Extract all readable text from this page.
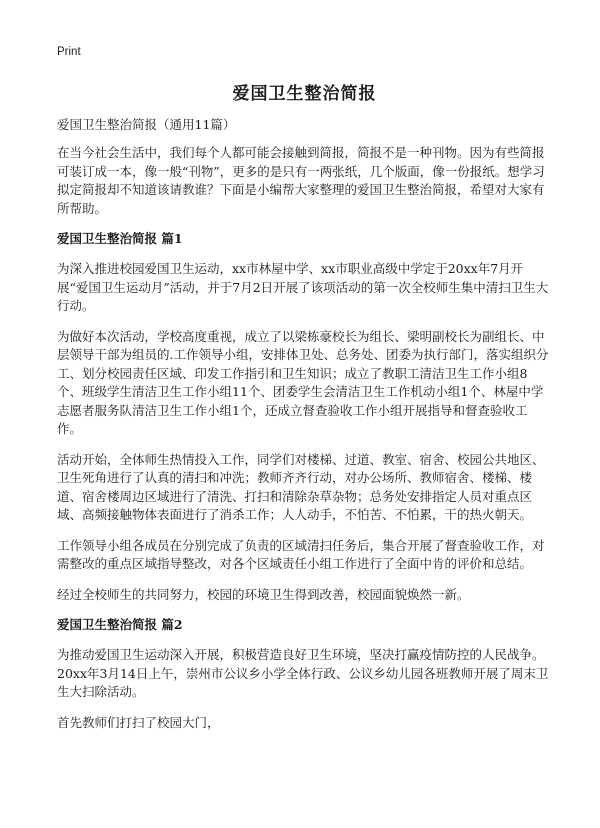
Print
爱国卫生整治简报
爱国卫生整治简报（通用11篇）

在当今社会生活中，我们每个人都可能会接触到简报，简报不是一种刊物。因为有些简报可装订成一本，像一般“刊物”，更多的是只有一两张纸，几个版面，像一份报纸。想学习拟定简报却不知道该请教谁？下面是小编帮大家整理的爱国卫生整治简报，希望对大家有所帮助。

爱国卫生整治简报 篇1

为深入推进校园爱国卫生运动，xx市林屋中学、xx市职业高级中学定于20xx年7月开展“爱国卫生运动月”活动，并于7月2日开展了该项活动的第一次全校师生集中清扫卫生大行动。

为做好本次活动，学校高度重视，成立了以梁栋豪校长为组长、梁明副校长为副组长、中层领导干部为组员的.工作领导小组，安排体卫处、总务处、团委为执行部门，落实组织分工、划分校园责任区域、印发工作指引和卫生知识；成立了教职工清洁卫生工作小组8个、班级学生清洁卫生工作小组11个、团委学生会清洁卫生工作机动小组1个、林屋中学志愿者服务队清洁卫生工作小组1个，还成立督查验收工作小组开展指导和督查验收工作。

活动开始，全体师生热情投入工作，同学们对楼梯、过道、教室、宿舍、校园公共地区、卫生死角进行了认真的清扫和冲洗；教师齐齐行动，对办公场所、教师宿舍、楼梯、楼道、宿舍楼周边区域进行了清洗、打扫和清除杂草杂物；总务处安排指定人员对重点区域、高频接触物体表面进行了消杀工作；人人动手，不怕苦、不怕累，干的热火朝天。

工作领导小组各成员在分别完成了负责的区域清扫任务后，集合开展了督查验收工作，对需整改的重点区域指导整改，对各个区域责任小组工作进行了全面中肯的评价和总结。

经过全校师生的共同努力，校园的环境卫生得到改善，校园面貌焕然一新。

爱国卫生整治简报 篇2

为推动爱国卫生运动深入开展，积极营造良好卫生环境，坚决打赢疫情防控的人民战争。20xx年3月14日上午，崇州市公议乡小学全体行政、公议乡幼儿园各班教师开展了周末卫生大扫除活动。

首先教师们打扫了校园大门，
